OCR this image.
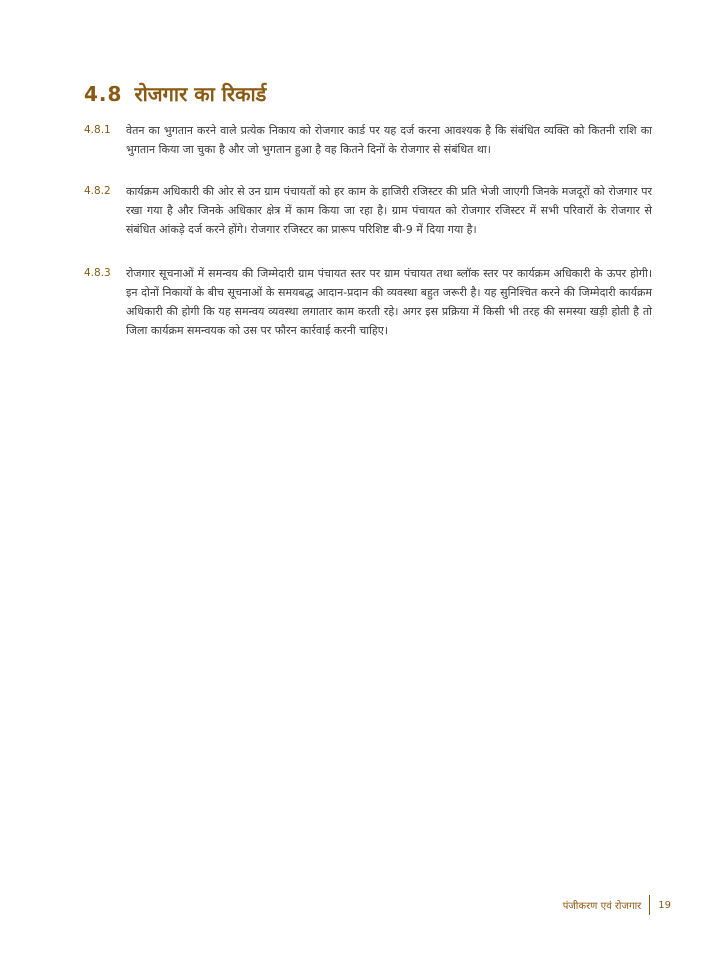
4.8 रोजगार का रिकार्ड
4.8.1 वेतन का भुगतान करने वाले प्रत्येक निकाय को रोजगार कार्ड पर यह दर्ज करना आवश्यक है कि संबंधित व्यक्ति को कितनी राशि का भुगतान किया जा चुका है और जो भुगतान हुआ है वह कितने दिनों के रोजगार से संबंधित था।
4.8.2 कार्यक्रम अधिकारी की ओर से उन ग्राम पंचायतों को हर काम के हाजिरी रजिस्टर की प्रति भेजी जाएगी जिनके मजदूरों को रोजगार पर रखा गया है और जिनके अधिकार क्षेत्र में काम किया जा रहा है। ग्राम पंचायत को रोजगार रजिस्टर में सभी परिवारों के रोजगार से संबंधित आंकड़े दर्ज करने होंगे। रोजगार रजिस्टर का प्रारूप परिशिष्ट बी-9 में दिया गया है।
4.8.3 रोजगार सूचनाओं में समन्वय की जिम्मेदारी ग्राम पंचायत स्तर पर ग्राम पंचायत तथा ब्लॉक स्तर पर कार्यक्रम अधिकारी के ऊपर होगी। इन दोनों निकायों के बीच सूचनाओं के समयबद्ध आदान-प्रदान की व्यवस्था बहुत जरूरी है। यह सुनिश्चित करने की जिम्मेदारी कार्यक्रम अधिकारी की होगी कि यह समन्वय व्यवस्था लगातार काम करती रहे। अगर इस प्रक्रिया में किसी भी तरह की समस्या खड़ी होती है तो जिला कार्यक्रम समन्वयक को उस पर फौरन कार्रवाई करनी चाहिए।
पंजीकरण एवं रोजगार	19
